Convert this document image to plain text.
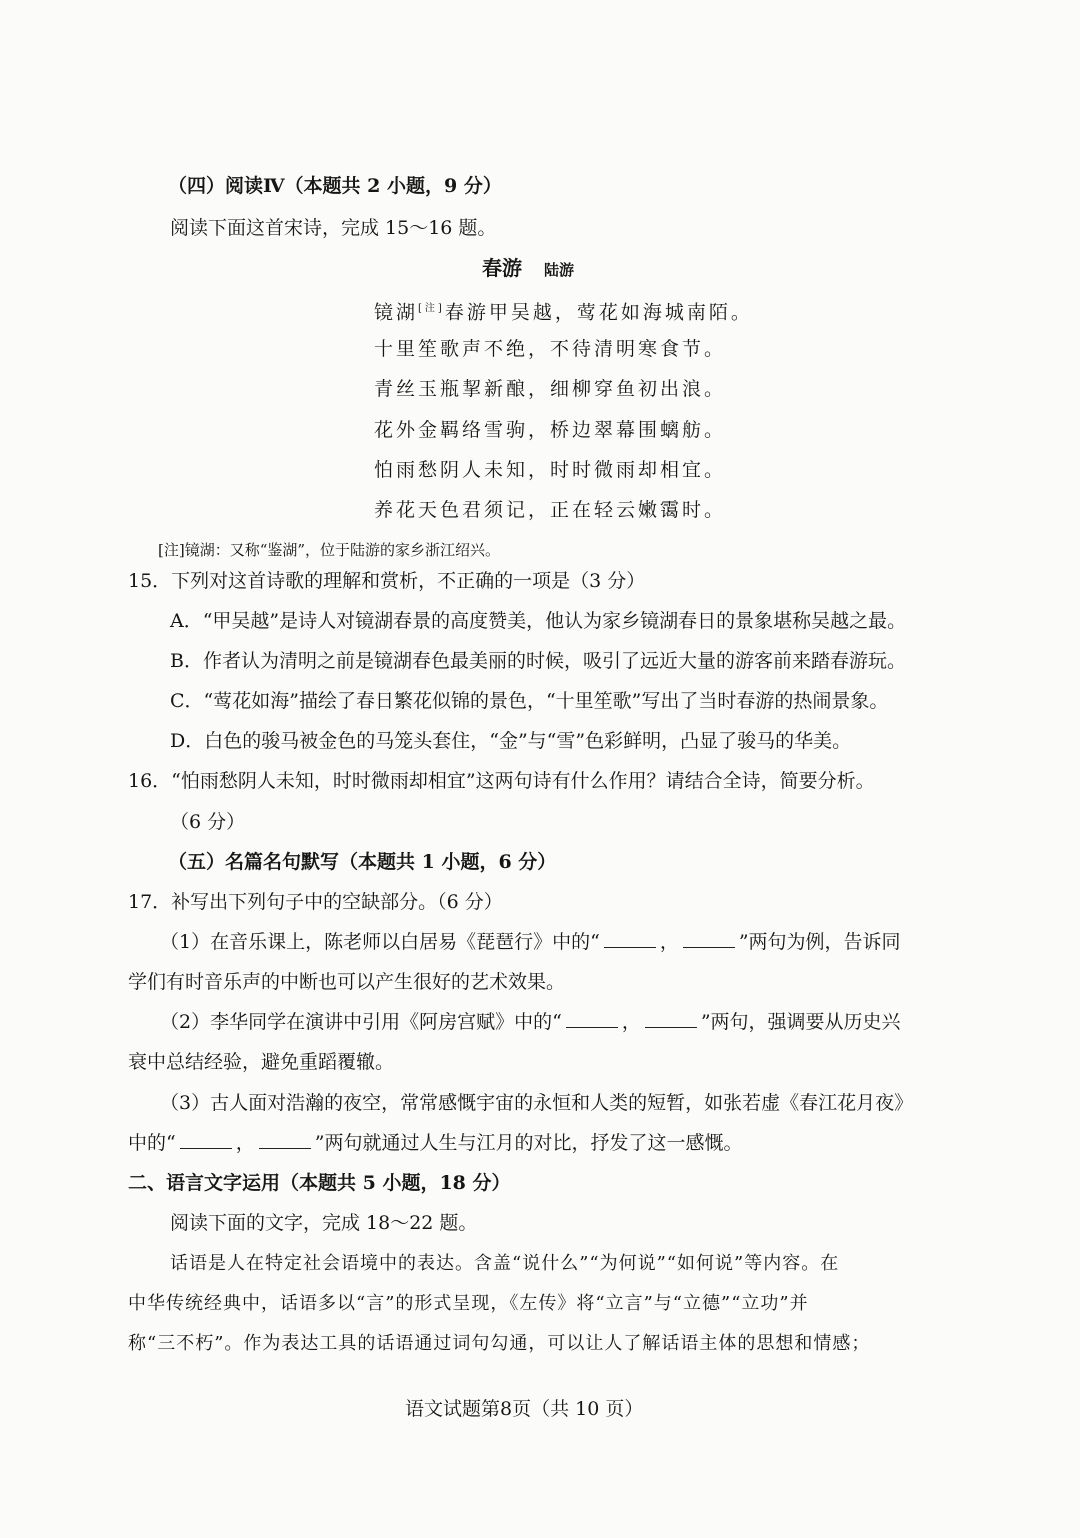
（四）阅读Ⅳ（本题共 2 小题，9 分）
阅读下面这首宋诗，完成 15～16 题。
春游 陆游
镜湖[注]春游甲吴越，莺花如海城南陌。
十里笙歌声不绝，不待清明寒食节。
青丝玉瓶挈新酿，细柳穿鱼初出浪。
花外金羁络雪驹，桥边翠幕围螭舫。
怕雨愁阴人未知，时时微雨却相宜。
养花天色君须记，正在轻云嫩霭时。
[注]镜湖：又称“鉴湖”，位于陆游的家乡浙江绍兴。
15．下列对这首诗歌的理解和赏析，不正确的一项是（3 分）
A．“甲吴越”是诗人对镜湖春景的高度赞美，他认为家乡镜湖春日的景象堪称吴越之最。
B．作者认为清明之前是镜湖春色最美丽的时候，吸引了远近大量的游客前来踏春游玩。
C．“莺花如海”描绘了春日繁花似锦的景色，“十里笙歌”写出了当时春游的热闹景象。
D．白色的骏马被金色的马笼头套住，“金”与“雪”色彩鲜明，凸显了骏马的华美。
16．“怕雨愁阴人未知，时时微雨却相宜”这两句诗有什么作用？请结合全诗，简要分析。
（6 分）
（五）名篇名句默写（本题共 1 小题，6 分）
17．补写出下列句子中的空缺部分。（6 分）
（1）在音乐课上，陈老师以白居易《琵琶行》中的“	，	”两句为例，告诉同
学们有时音乐声的中断也可以产生很好的艺术效果。
（2）李华同学在演讲中引用《阿房宫赋》中的“	，	”两句，强调要从历史兴
衰中总结经验，避免重蹈覆辙。
（3）古人面对浩瀚的夜空，常常感慨宇宙的永恒和人类的短暂，如张若虚《春江花月夜》
中的“	，	”两句就通过人生与江月的对比，抒发了这一感慨。
二、语言文字运用（本题共 5 小题，18 分）
阅读下面的文字，完成 18～22 题。
话语是人在特定社会语境中的表达。含盖“说什么”“为何说”“如何说”等内容。在
中华传统经典中，话语多以“言”的形式呈现，《左传》将“立言”与“立德”“立功”并
称“三不朽”。作为表达工具的话语通过词句勾通，可以让人了解话语主体的思想和情感；
语文试题第8页（共 10 页）
